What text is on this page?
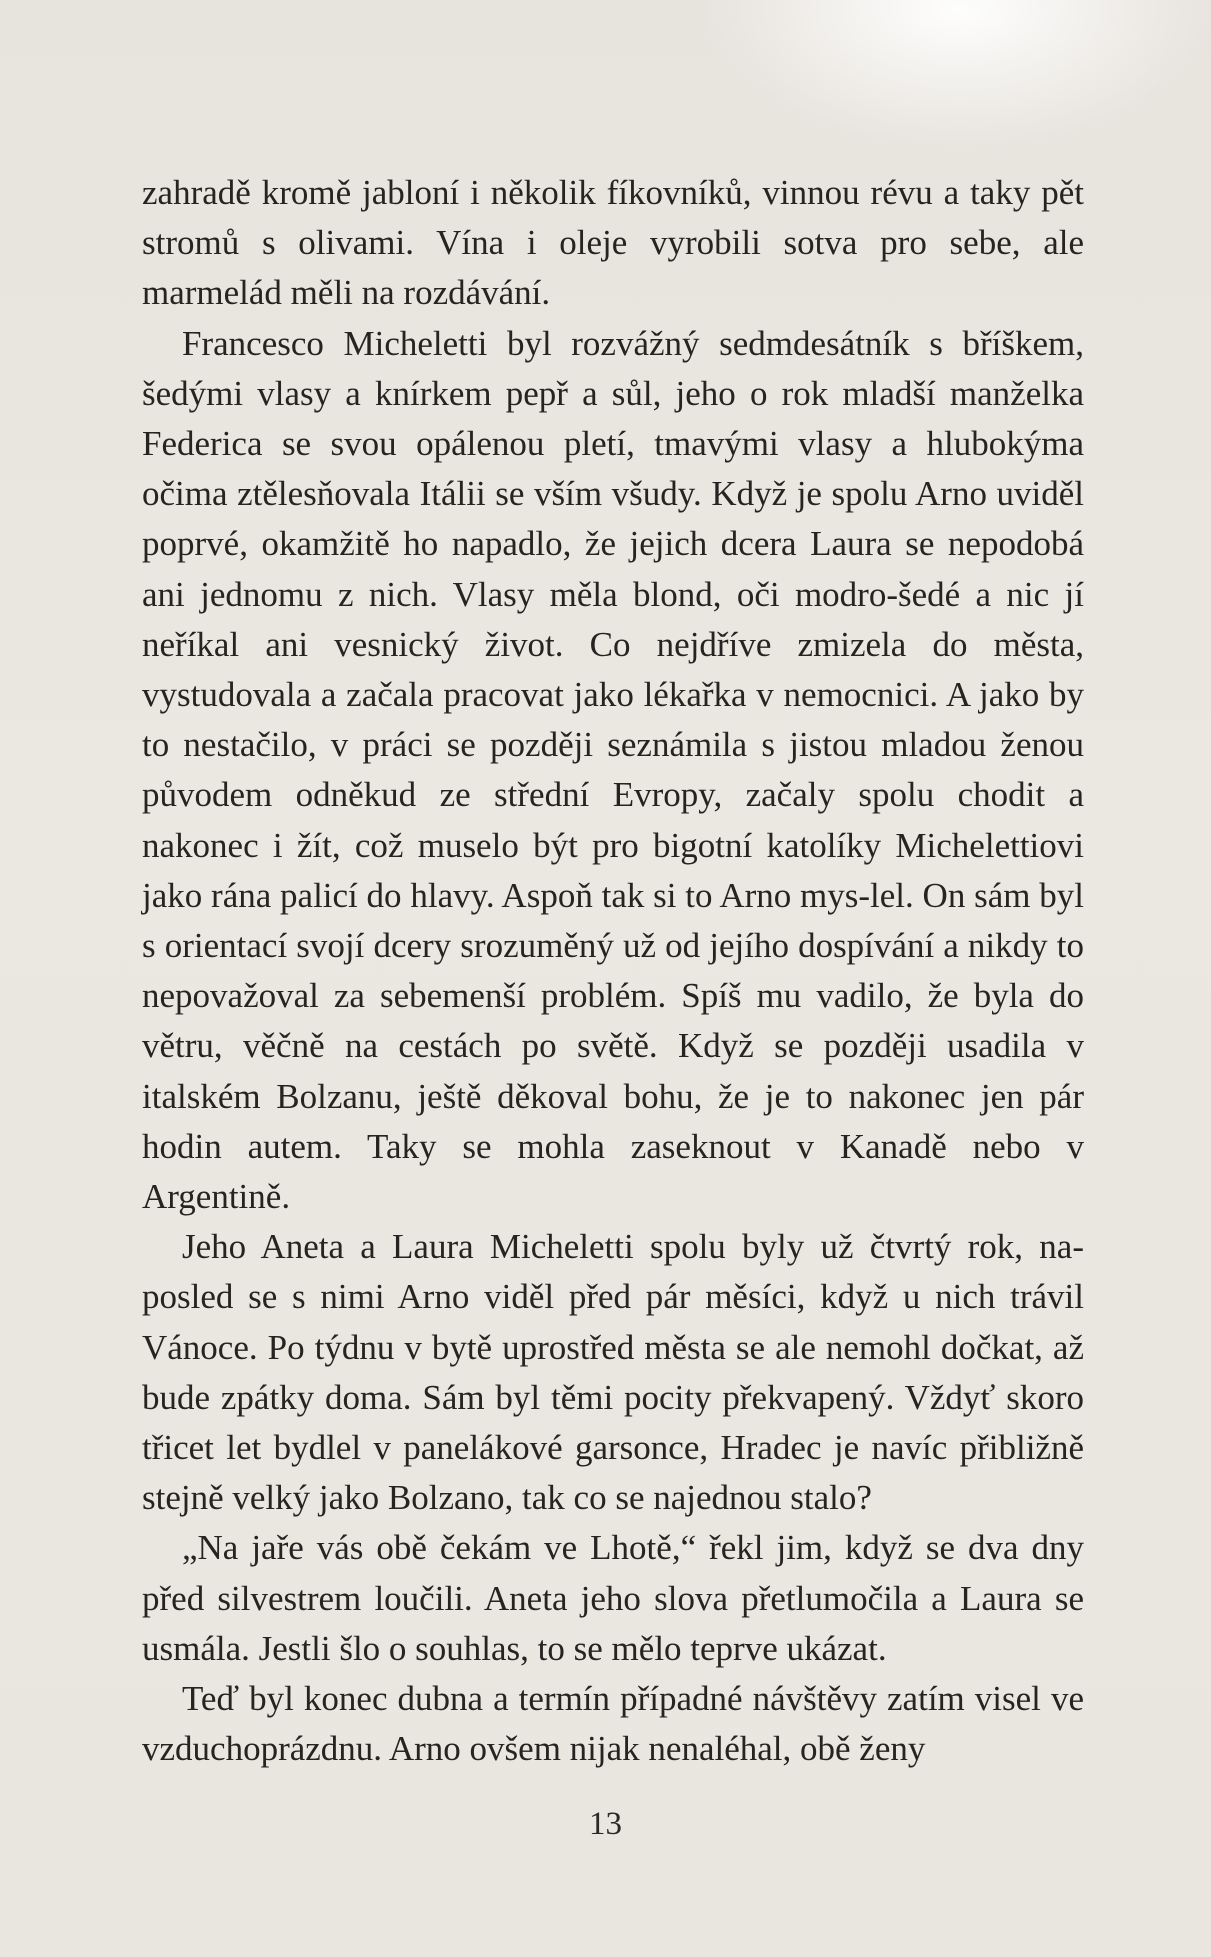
zahradě kromě jabloní i několik fíkovníků, vinnou révu a taky pět stromů s olivami. Vína i oleje vyrobili sotva pro sebe, ale marmelád měli na rozdávání.

Francesco Micheletti byl rozvážný sedmdesátník s bříškem, šedými vlasy a knírkem pepř a sůl, jeho o rok mladší manželka Federica se svou opálenou pletí, tmavými vlasy a hlubokýma očima ztělesňovala Itálii se vším všudy. Když je spolu Arno uviděl poprvé, okamžitě ho napadlo, že jejich dcera Laura se nepodobá ani jednomu z nich. Vlasy měla blond, oči modro-šedé a nic jí neříkal ani vesnický život. Co nejdříve zmizela do města, vystudovala a začala pracovat jako lékařka v nemocnici. A jako by to nestačilo, v práci se později seznámila s jistou mladou ženou původem odněkud ze střední Evropy, začaly spolu chodit a nakonec i žít, což muselo být pro bigotní katolíky Michelettiovi jako rána palicí do hlavy. Aspoň tak si to Arno mys-lel. On sám byl s orientací svojí dcery srozuměný už od jejího dospívání a nikdy to nepovažoval za sebemenší problém. Spíš mu vadilo, že byla do větru, věčně na cestách po světě. Když se později usadila v italském Bolzanu, ještě děkoval bohu, že je to nakonec jen pár hodin autem. Taky se mohla zaseknout v Kanadě nebo v Argentině.

Jeho Aneta a Laura Micheletti spolu byly už čtvrtý rok, na-posled se s nimi Arno viděl před pár měsíci, když u nich trávil Vánoce. Po týdnu v bytě uprostřed města se ale nemohl dočkat, až bude zpátky doma. Sám byl těmi pocity překvapený. Vždyť skoro třicet let bydlel v panelákové garsonce, Hradec je navíc přibližně stejně velký jako Bolzano, tak co se najednou stalo?

„Na jaře vás obě čekám ve Lhotě,“ řekl jim, když se dva dny před silvestrem loučili. Aneta jeho slova přetlumočila a Laura se usmála. Jestli šlo o souhlas, to se mělo teprve ukázat.

Teď byl konec dubna a termín případné návštěvy zatím visel ve vzduchoprázdnu. Arno ovšem nijak nenaléhal, obě ženy

13
